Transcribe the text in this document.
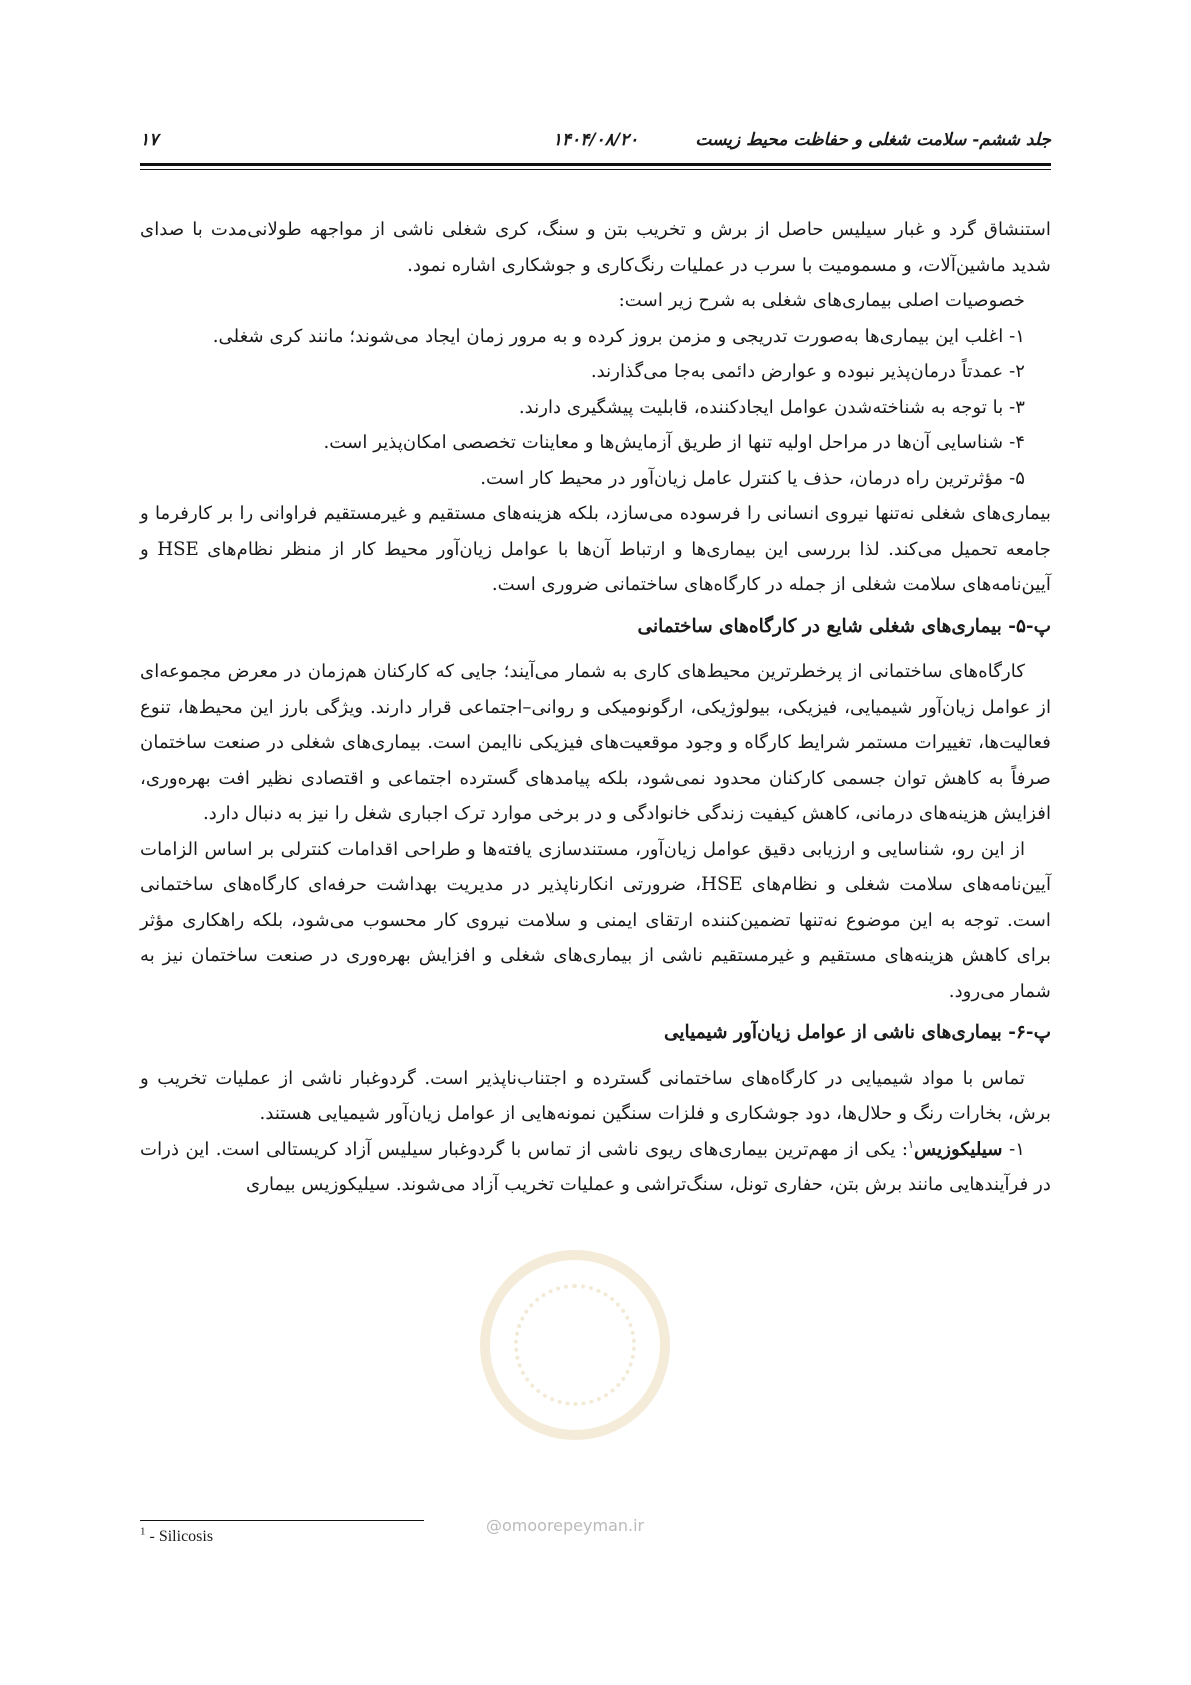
جلد ششم- سلامت شغلی و حفاظت محیط زیست
۱۴۰۴/۰۸/۲۰
۱۷

استنشاق گرد و غبار سیلیس حاصل از برش و تخریب بتن و سنگ، کری شغلی ناشی از مواجهه طولانی‌مدت با صدای شدید ماشین‌آلات، و مسمومیت با سرب در عملیات رنگ‌کاری و جوشکاری اشاره نمود.

خصوصیات اصلی بیماری‌های شغلی به شرح زیر است:

۱- اغلب این بیماری‌ها به‌صورت تدریجی و مزمن بروز کرده و به مرور زمان ایجاد می‌شوند؛ مانند کری شغلی.

۲- عمدتاً درمان‌پذیر نبوده و عوارض دائمی به‌جا می‌گذارند.

۳- با توجه به شناخته‌شدن عوامل ایجادکننده، قابلیت پیشگیری دارند.

۴- شناسایی آن‌ها در مراحل اولیه تنها از طریق آزمایش‌ها و معاینات تخصصی امکان‌پذیر است.

۵- مؤثرترین راه درمان، حذف یا کنترل عامل زیان‌آور در محیط کار است.

بیماری‌های شغلی نه‌تنها نیروی انسانی را فرسوده می‌سازد، بلکه هزینه‌های مستقیم و غیرمستقیم فراوانی را بر کارفرما و جامعه تحمیل می‌کند. لذا بررسی این بیماری‌ها و ارتباط آن‌ها با عوامل زیان‌آور محیط کار از منظر نظام‌های HSE و آیین‌نامه‌های سلامت شغلی از جمله در کارگاه‌های ساختمانی ضروری است.

پ-۵- بیماری‌های شغلی شایع در کارگاه‌های ساختمانی

کارگاه‌های ساختمانی از پرخطرترین محیط‌های کاری به شمار می‌آیند؛ جایی که کارکنان هم‌زمان در معرض مجموعه‌ای از عوامل زیان‌آور شیمیایی، فیزیکی، بیولوژیکی، ارگونومیکی و روانی–اجتماعی قرار دارند. ویژگی بارز این محیط‌ها، تنوع فعالیت‌ها، تغییرات مستمر شرایط کارگاه و وجود موقعیت‌های فیزیکی ناایمن است. بیماری‌های شغلی در صنعت ساختمان صرفاً به کاهش توان جسمی کارکنان محدود نمی‌شود، بلکه پیامدهای گسترده اجتماعی و اقتصادی نظیر افت بهره‌وری، افزایش هزینه‌های درمانی، کاهش کیفیت زندگی خانوادگی و در برخی موارد ترک اجباری شغل را نیز به دنبال دارد.

از این رو، شناسایی و ارزیابی دقیق عوامل زیان‌آور، مستندسازی یافته‌ها و طراحی اقدامات کنترلی بر اساس الزامات آیین‌نامه‌های سلامت شغلی و نظام‌های HSE، ضرورتی انکارناپذیر در مدیریت بهداشت حرفه‌ای کارگاه‌های ساختمانی است. توجه به این موضوع نه‌تنها تضمین‌کننده ارتقای ایمنی و سلامت نیروی کار محسوب می‌شود، بلکه راهکاری مؤثر برای کاهش هزینه‌های مستقیم و غیرمستقیم ناشی از بیماری‌های شغلی و افزایش بهره‌وری در صنعت ساختمان نیز به شمار می‌رود.

پ-۶- بیماری‌های ناشی از عوامل زیان‌آور شیمیایی

تماس با مواد شیمیایی در کارگاه‌های ساختمانی گسترده و اجتناب‌ناپذیر است. گردوغبار ناشی از عملیات تخریب و برش، بخارات رنگ و حلال‌ها، دود جوشکاری و فلزات سنگین نمونه‌هایی از عوامل زیان‌آور شیمیایی هستند.

۱- سیلیکوزیس$^۱$: یکی از مهم‌ترین بیماری‌های ریوی ناشی از تماس با گردوغبار سیلیس آزاد کریستالی است. این ذرات در فرآیندهایی مانند برش بتن، حفاری تونل، سنگ‌تراشی و عملیات تخریب آزاد می‌شوند. سیلیکوزیس بیماری

$^1$ - Silicosis
@omoorepeyman.ir
